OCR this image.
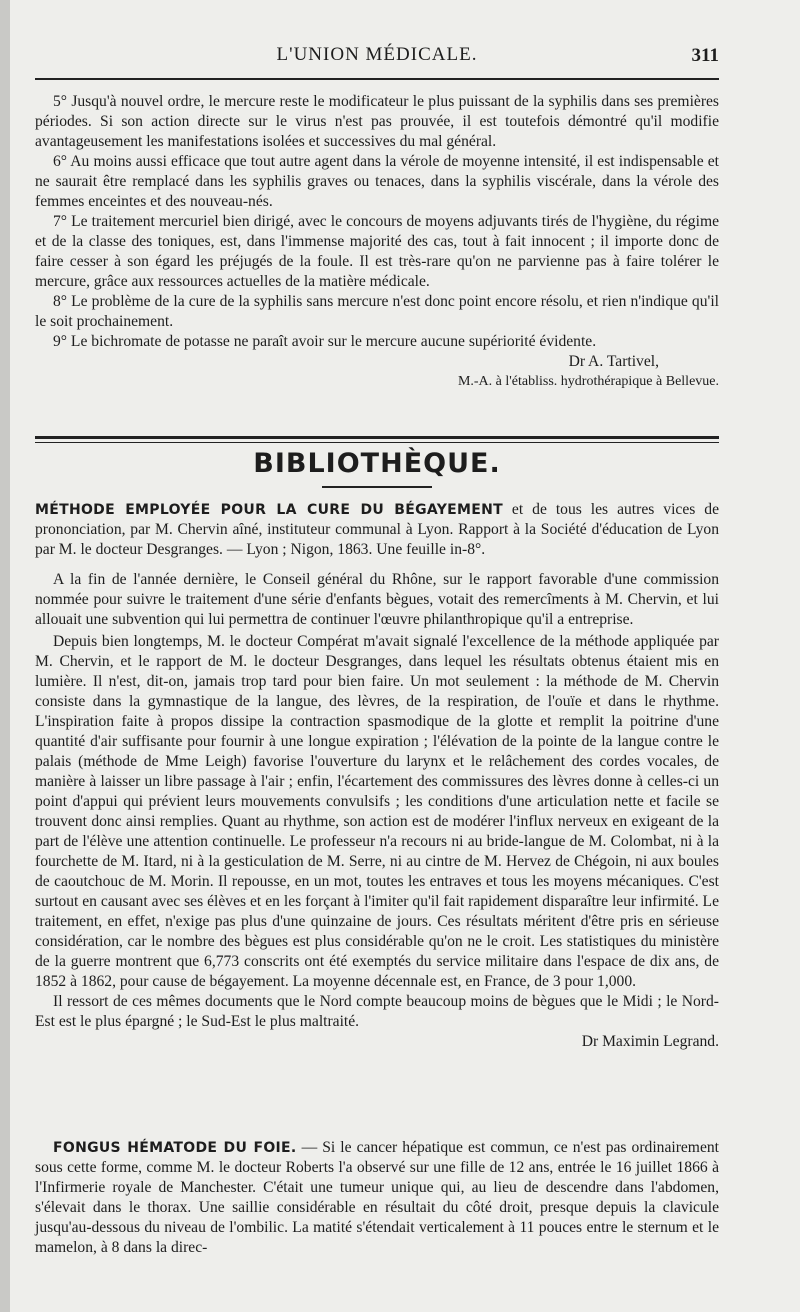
L'UNION MÉDICALE.	311

5° Jusqu'à nouvel ordre, le mercure reste le modificateur le plus puissant de la syphilis dans ses premières périodes. Si son action directe sur le virus n'est pas prouvée, il est toutefois démontré qu'il modifie avantageusement les manifestations isolées et successives du mal général.

6° Au moins aussi efficace que tout autre agent dans la vérole de moyenne intensité, il est indispensable et ne saurait être remplacé dans les syphilis graves ou tenaces, dans la syphilis viscérale, dans la vérole des femmes enceintes et des nouveau-nés.

7° Le traitement mercuriel bien dirigé, avec le concours de moyens adjuvants tirés de l'hygiène, du régime et de la classe des toniques, est, dans l'immense majorité des cas, tout à fait innocent ; il importe donc de faire cesser à son égard les préjugés de la foule. Il est très-rare qu'on ne parvienne pas à faire tolérer le mercure, grâce aux ressources actuelles de la matière médicale.

8° Le problème de la cure de la syphilis sans mercure n'est donc point encore résolu, et rien n'indique qu'il le soit prochainement.

9° Le bichromate de potasse ne paraît avoir sur le mercure aucune supériorité évidente.

Dr A. Tartivel,
M.-A. à l'établiss. hydrothérapique à Bellevue.
BIBLIOTHÈQUE.

MÉTHODE EMPLOYÉE POUR LA CURE DU BÉGAYEMENT et de tous les autres vices de prononciation, par M. Chervin aîné, instituteur communal à Lyon. Rapport à la Société d'éducation de Lyon par M. le docteur Desgranges. — Lyon ; Nigon, 1863. Une feuille in-8°.

A la fin de l'année dernière, le Conseil général du Rhône, sur le rapport favorable d'une commission nommée pour suivre le traitement d'une série d'enfants bègues, votait des remercîments à M. Chervin, et lui allouait une subvention qui lui permettra de continuer l'œuvre philanthropique qu'il a entreprise.

Depuis bien longtemps, M. le docteur Compérat m'avait signalé l'excellence de la méthode appliquée par M. Chervin, et le rapport de M. le docteur Desgranges, dans lequel les résultats obtenus étaient mis en lumière. Il n'est, dit-on, jamais trop tard pour bien faire. Un mot seulement : la méthode de M. Chervin consiste dans la gymnastique de la langue, des lèvres, de la respiration, de l'ouïe et dans le rhythme. L'inspiration faite à propos dissipe la contraction spasmodique de la glotte et remplit la poitrine d'une quantité d'air suffisante pour fournir à une longue expiration ; l'élévation de la pointe de la langue contre le palais (méthode de Mme Leigh) favorise l'ouverture du larynx et le relâchement des cordes vocales, de manière à laisser un libre passage à l'air ; enfin, l'écartement des commissures des lèvres donne à celles-ci un point d'appui qui prévient leurs mouvements convulsifs ; les conditions d'une articulation nette et facile se trouvent donc ainsi remplies. Quant au rhythme, son action est de modérer l'influx nerveux en exigeant de la part de l'élève une attention continuelle. Le professeur n'a recours ni au bride-langue de M. Colombat, ni à la fourchette de M. Itard, ni à la gesticulation de M. Serre, ni au cintre de M. Hervez de Chégoin, ni aux boules de caoutchouc de M. Morin. Il repousse, en un mot, toutes les entraves et tous les moyens mécaniques. C'est surtout en causant avec ses élèves et en les forçant à l'imiter qu'il fait rapidement disparaître leur infirmité. Le traitement, en effet, n'exige pas plus d'une quinzaine de jours. Ces résultats méritent d'être pris en sérieuse considération, car le nombre des bègues est plus considérable qu'on ne le croit. Les statistiques du ministère de la guerre montrent que 6,773 conscrits ont été exemptés du service militaire dans l'espace de dix ans, de 1852 à 1862, pour cause de bégayement. La moyenne décennale est, en France, de 3 pour 1,000.

Il ressort de ces mêmes documents que le Nord compte beaucoup moins de bègues que le Midi ; le Nord-Est est le plus épargné ; le Sud-Est le plus maltraité.

Dr Maximin Legrand.

FONGUS HÉMATODE DU FOIE. — Si le cancer hépatique est commun, ce n'est pas ordinairement sous cette forme, comme M. le docteur Roberts l'a observé sur une fille de 12 ans, entrée le 16 juillet 1866 à l'Infirmerie royale de Manchester. C'était une tumeur unique qui, au lieu de descendre dans l'abdomen, s'élevait dans le thorax. Une saillie considérable en résultait du côté droit, presque depuis la clavicule jusqu'au-dessous du niveau de l'ombilic. La matité s'étendait verticalement à 11 pouces entre le sternum et le mamelon, à 8 dans la direc-
